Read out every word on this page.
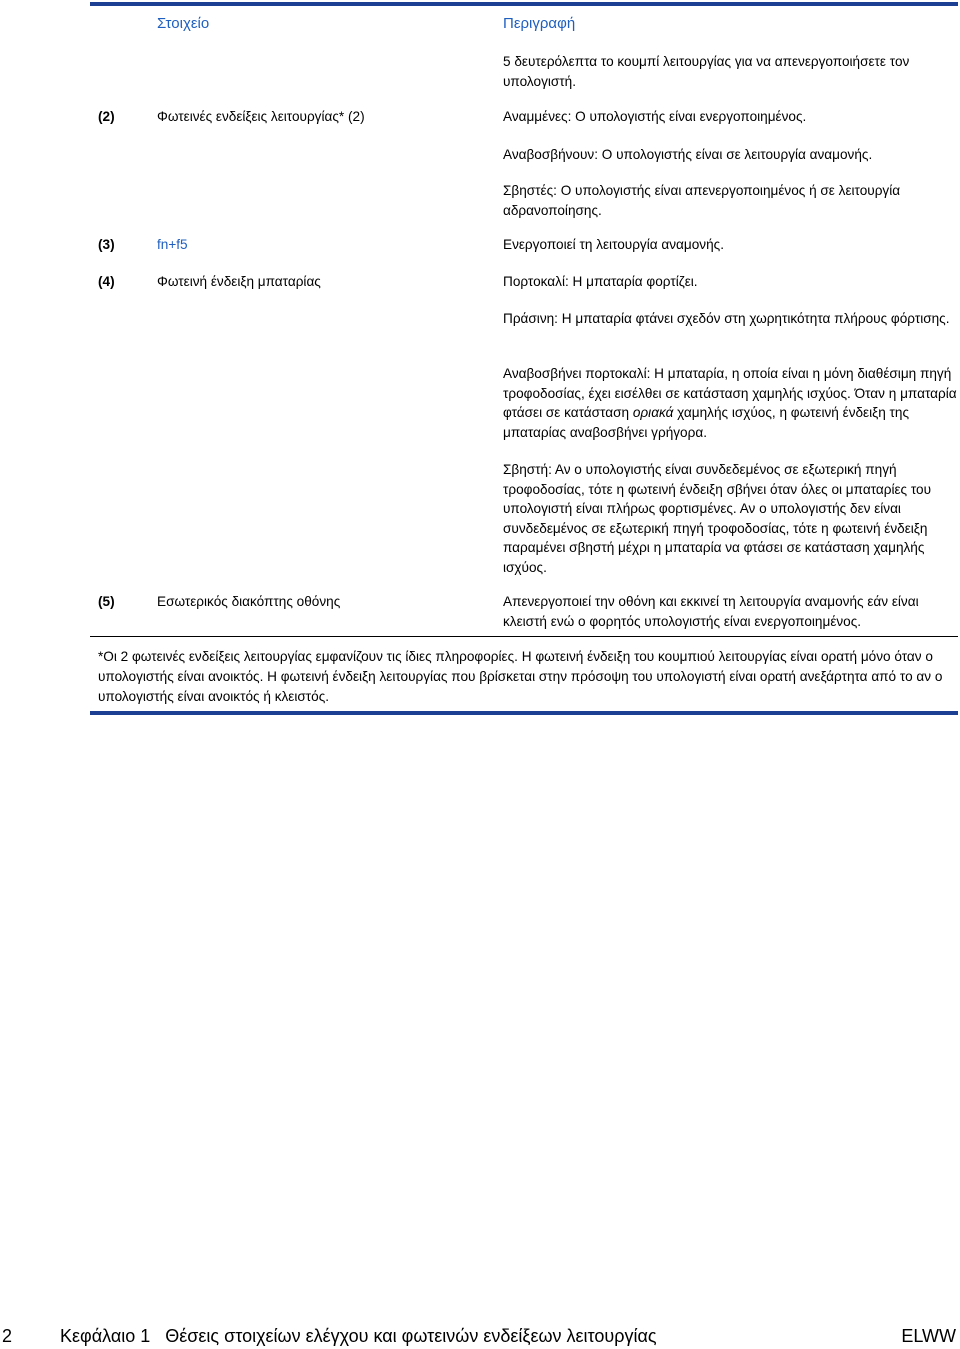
Στοιχείο	Περιγραφή
5 δευτερόλεπτα το κουμπί λειτουργίας για να απενεργοποιήσετε τον υπολογιστή.
(2)	Φωτεινές ενδείξεις λειτουργίας* (2)	Αναμμένες: Ο υπολογιστής είναι ενεργοποιημένος.
Αναβοσβήνουν: Ο υπολογιστής είναι σε λειτουργία αναμονής.
Σβηστές: Ο υπολογιστής είναι απενεργοποιημένος ή σε λειτουργία αδρανοποίησης.
(3)	fn+f5	Ενεργοποιεί τη λειτουργία αναμονής.
(4)	Φωτεινή ένδειξη μπαταρίας	Πορτοκαλί: Η μπαταρία φορτίζει.
Πράσινη: Η μπαταρία φτάνει σχεδόν στη χωρητικότητα πλήρους φόρτισης.
Αναβοσβήνει πορτοκαλί: Η μπαταρία, η οποία είναι η μόνη διαθέσιμη πηγή τροφοδοσίας, έχει εισέλθει σε κατάσταση χαμηλής ισχύος. Όταν η μπαταρία φτάσει σε κατάσταση οριακά χαμηλής ισχύος, η φωτεινή ένδειξη της μπαταρίας αναβοσβήνει γρήγορα.
Σβηστή: Αν ο υπολογιστής είναι συνδεδεμένος σε εξωτερική πηγή τροφοδοσίας, τότε η φωτεινή ένδειξη σβήνει όταν όλες οι μπαταρίες του υπολογιστή είναι πλήρως φορτισμένες. Αν ο υπολογιστής δεν είναι συνδεδεμένος σε εξωτερική πηγή τροφοδοσίας, τότε η φωτεινή ένδειξη παραμένει σβηστή μέχρι η μπαταρία να φτάσει σε κατάσταση χαμηλής ισχύος.
(5)	Εσωτερικός διακόπτης οθόνης	Απενεργοποιεί την οθόνη και εκκινεί τη λειτουργία αναμονής εάν είναι κλειστή ενώ ο φορητός υπολογιστής είναι ενεργοποιημένος.
*Οι 2 φωτεινές ενδείξεις λειτουργίας εμφανίζουν τις ίδιες πληροφορίες. Η φωτεινή ένδειξη του κουμπιού λειτουργίας είναι ορατή μόνο όταν ο υπολογιστής είναι ανοικτός. Η φωτεινή ένδειξη λειτουργίας που βρίσκεται στην πρόσοψη του υπολογιστή είναι ορατή ανεξάρτητα από το αν ο υπολογιστής είναι ανοικτός ή κλειστός.
2	Κεφάλαιο 1   Θέσεις στοιχείων ελέγχου και φωτεινών ενδείξεων λειτουργίας	ELWW
